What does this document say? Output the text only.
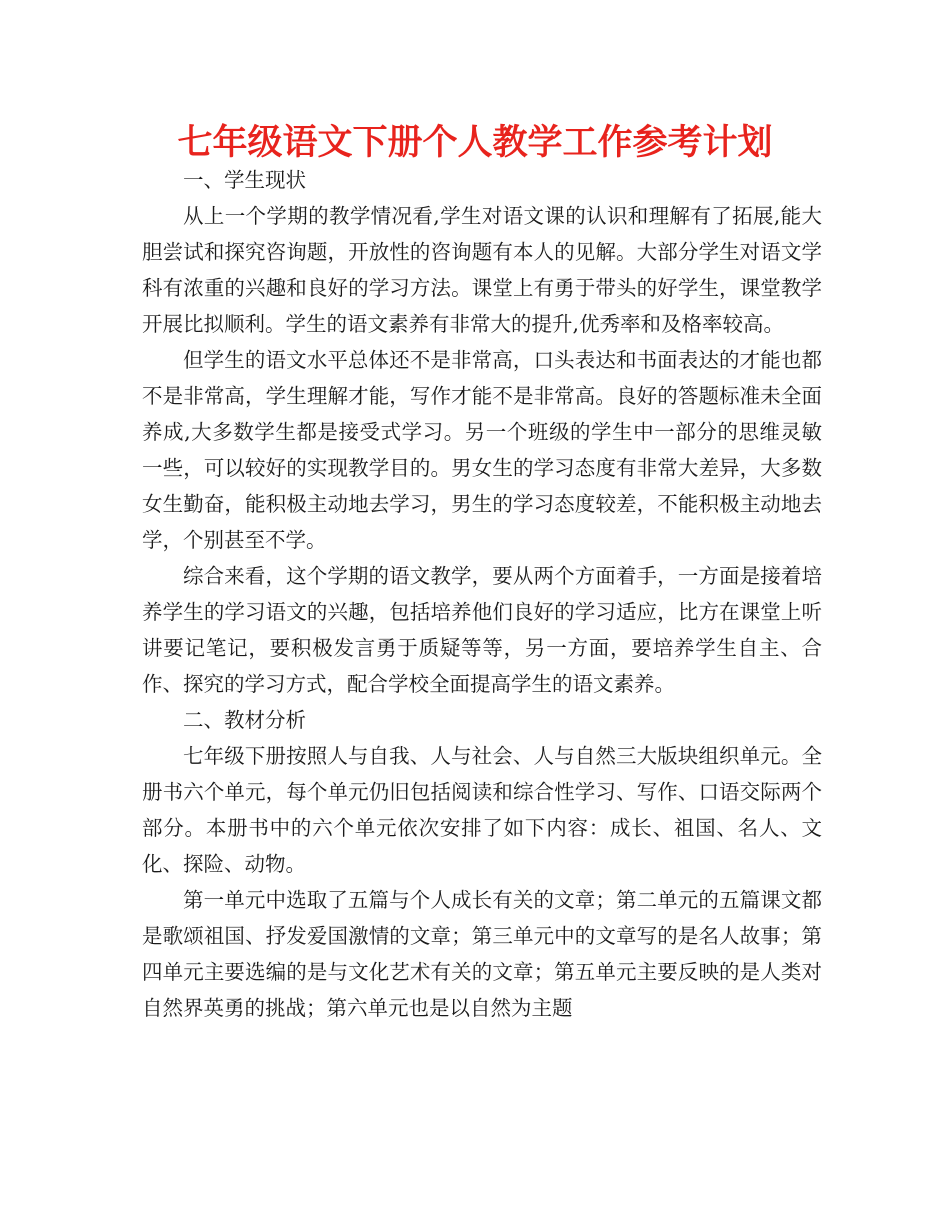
七年级语文下册个人教学工作参考计划

一、学生现状

从上一个学期的教学情况看,学生对语文课的认识和理解有了拓展,能大胆尝试和探究咨询题，开放性的咨询题有本人的见解。大部分学生对语文学科有浓重的兴趣和良好的学习方法。课堂上有勇于带头的好学生，课堂教学开展比拟顺利。学生的语文素养有非常大的提升,优秀率和及格率较高。

但学生的语文水平总体还不是非常高，口头表达和书面表达的才能也都不是非常高，学生理解才能，写作才能不是非常高。良好的答题标准未全面养成,大多数学生都是接受式学习。另一个班级的学生中一部分的思维灵敏一些，可以较好的实现教学目的。男女生的学习态度有非常大差异，大多数女生勤奋，能积极主动地去学习，男生的学习态度较差，不能积极主动地去学，个别甚至不学。

综合来看，这个学期的语文教学，要从两个方面着手，一方面是接着培养学生的学习语文的兴趣，包括培养他们良好的学习适应，比方在课堂上听讲要记笔记，要积极发言勇于质疑等等，另一方面，要培养学生自主、合作、探究的学习方式，配合学校全面提高学生的语文素养。

二、教材分析

七年级下册按照人与自我、人与社会、人与自然三大版块组织单元。全册书六个单元，每个单元仍旧包括阅读和综合性学习、写作、口语交际两个部分。本册书中的六个单元依次安排了如下内容：成长、祖国、名人、文化、探险、动物。

第一单元中选取了五篇与个人成长有关的文章；第二单元的五篇课文都是歌颂祖国、抒发爱国激情的文章；第三单元中的文章写的是名人故事；第四单元主要选编的是与文化艺术有关的文章；第五单元主要反映的是人类对自然界英勇的挑战；第六单元也是以自然为主题
